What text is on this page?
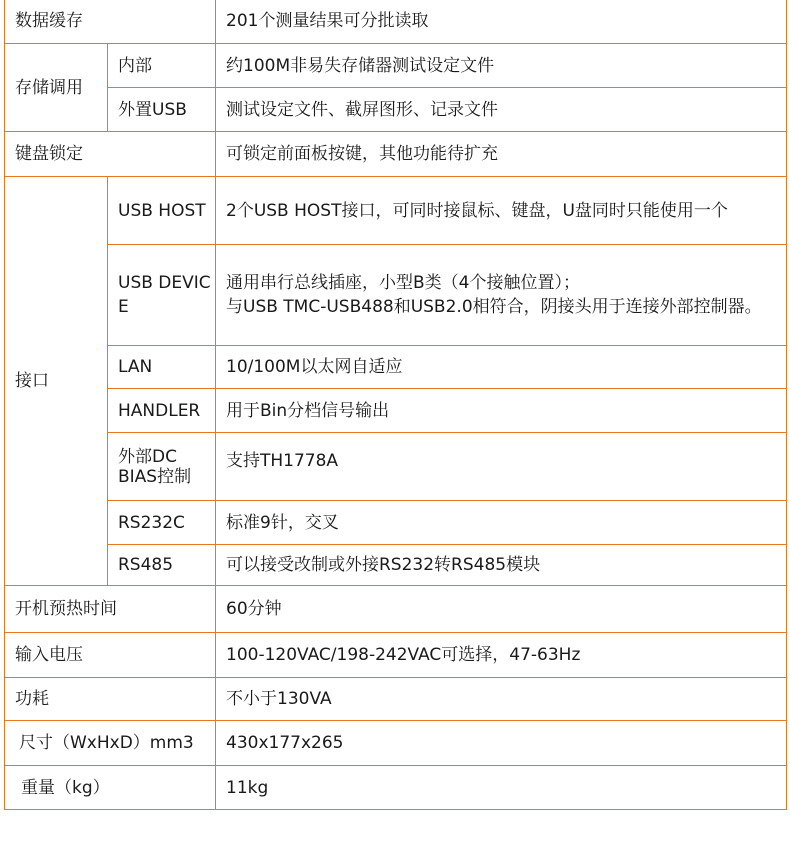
数据缓存		201个测量结果可分批读取
存储调用	内部	约100M非易失存储器测试设定文件
	外置USB	测试设定文件、截屏图形、记录文件
键盘锁定		可锁定前面板按键，其他功能待扩充
接口	USB HOST	2个USB HOST接口，可同时接鼠标、键盘，U盘同时只能使用一个
	USB DEVICE	通用串行总线插座，小型B类（4个接触位置）；
与USB TMC-USB488和USB2.0相符合，阴接头用于连接外部控制器。

	LAN	10/100M以太网自适应
	HANDLER	用于Bin分档信号输出

	外部DC
BIAS控制	支持TH1778A
	RS232C	标准9针，交叉
	RS485	可以接受改制或外接RS232转RS485模块
开机预热时间		60分钟
输入电压		100-120VAC/198-242VAC可选择，47-63Hz
功耗		不小于130VA
尺寸（WxHxD）mm3		430x177x265
重量（kg）		11kg
